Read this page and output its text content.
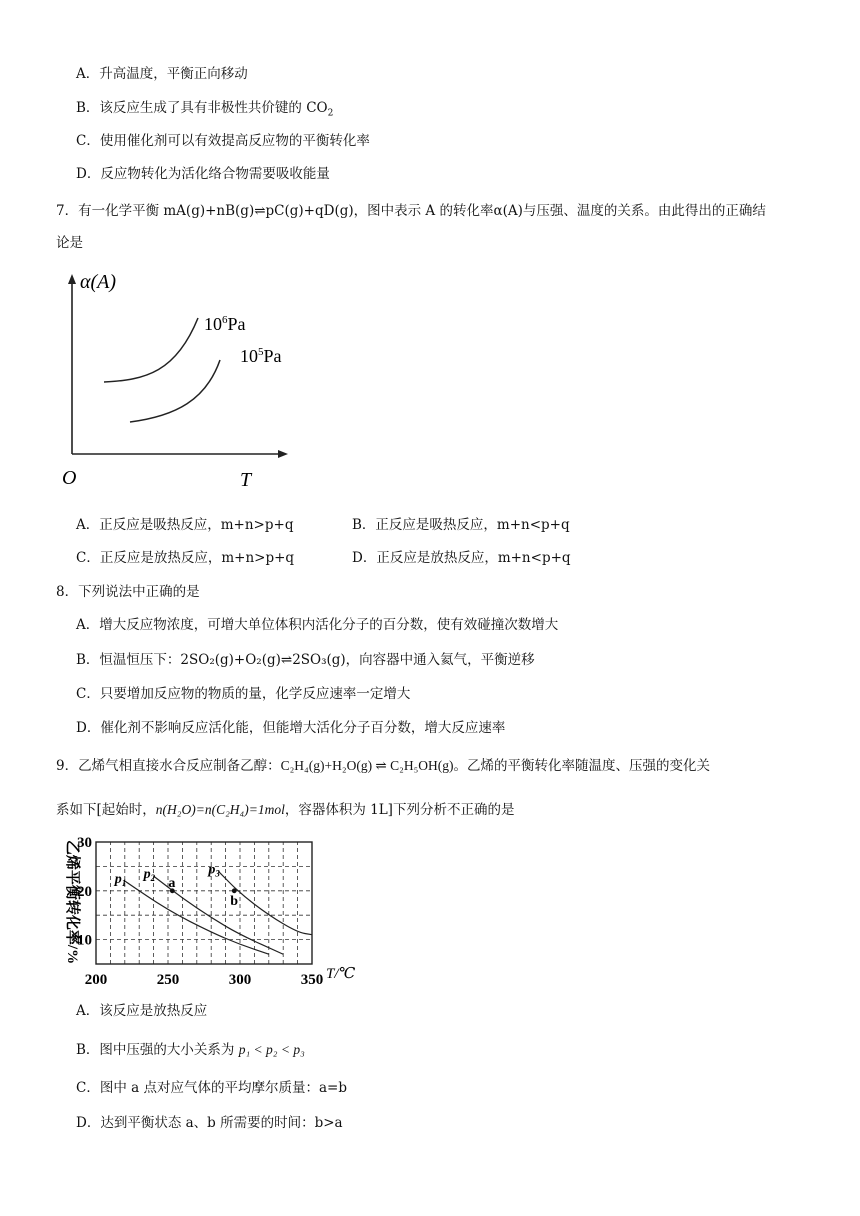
A．升高温度，平衡正向移动
B．该反应生成了具有非极性共价键的 $CO_2$
C．使用催化剂可以有效提高反应物的平衡转化率
D．反应物转化为活化络合物需要吸收能量
7．有一化学平衡 mA(g)+nB(g)⇌pC(g)+qD(g)，图中表示 A 的转化率α(A)与压强、温度的关系。由此得出的正确结
论是
α(A)
T
O
$10^6Pa$
$10^5Pa$
A．正反应是吸热反应，m+n>p+q	B．正反应是吸热反应，m+n<p+q
C．正反应是放热反应，m+n>p+q	D．正反应是放热反应，m+n<p+q
8．下列说法中正确的是
A．增大反应物浓度，可增大单位体积内活化分子的百分数，使有效碰撞次数增大
B．恒温恒压下：2SO₂(g)+O₂(g)⇌2SO₃(g)，向容器中通入氦气，平衡逆移
C．只要增加反应物的物质的量，化学反应速率一定增大
D．催化剂不影响反应活化能，但能增大活化分子百分数，增大反应速率
9．乙烯气相直接水合反应制备乙醇：C₂H₄(g)+H₂O(g) ⇌ C₂H₅OH(g)。乙烯的平衡转化率随温度、压强的变化关
系如下[起始时，n(H₂O)=n(C₂H₄)=1mol，容器体积为 1L]下列分析不正确的是
200	250	300	350
10
20
30
$p_1$
$p_2$
$p_3$
a
b
乙烯平衡转化率/%
T/℃
A．该反应是放热反应
B．图中压强的大小关系为 p₁ < p₂ < p₃
C．图中 a 点对应气体的平均摩尔质量：a=b
D．达到平衡状态 a、b 所需要的时间：b>a
